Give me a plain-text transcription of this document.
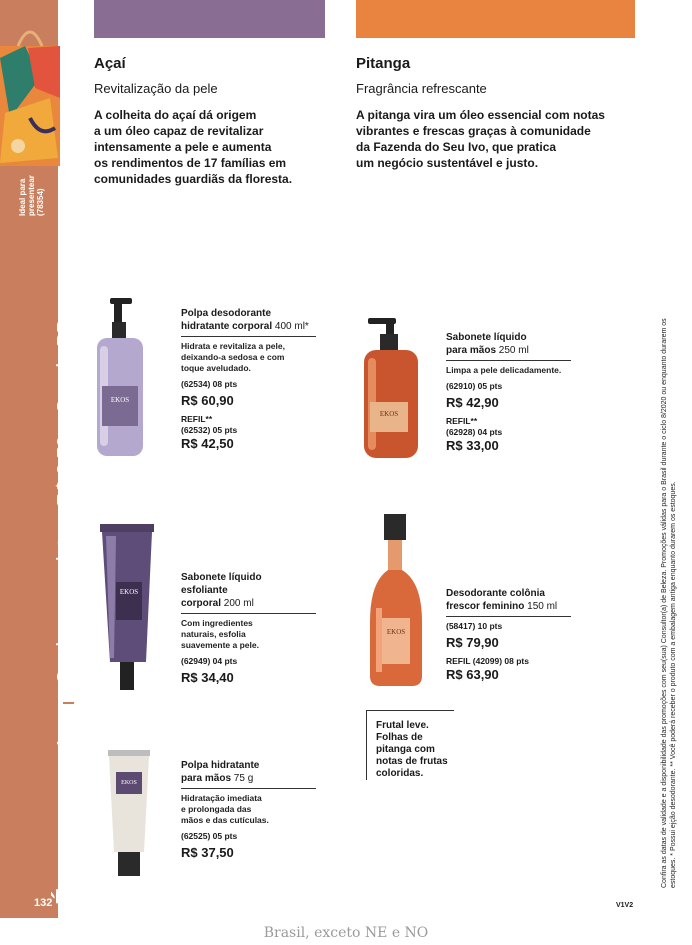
Ideal para presentear (78354)
É pra presente
Qualquer produto + R$ 2,50 = Sacola PP
132
Açaí
Revitalização da pele
A colheita do açaí dá origem
a um óleo capaz de revitalizar
intensamente a pele e aumenta
os rendimentos de 17 famílias em
comunidades guardiãs da floresta.
Pitanga
Fragrância refrescante
A pitanga vira um óleo essencial com notas
vibrantes e frescas graças à comunidade
da Fazenda do Seu Ivo, que pratica
um negócio sustentável e justo.
EKOS
Polpa desodorante
hidratante corporal 400 ml*
Hidrata e revitaliza a pele,
deixando-a sedosa e com
toque aveludado.
(62534) 08 pts
R$ 60,90
REFIL**
(62532) 05 pts
R$ 42,50
EKOS
Sabonete líquido
esfoliante
corporal 200 ml
Com ingredientes
naturais, esfolia
suavemente a pele.
(62949) 04 pts
R$ 34,40
EKOS
Polpa hidratante
para mãos 75 g
Hidratação imediata
e prolongada das
mãos e das cutículas.
(62525) 05 pts
R$ 37,50
EKOS
Sabonete líquido
para mãos 250 ml
Limpa a pele delicadamente.
(62910) 05 pts
R$ 42,90
REFIL**
(62928) 04 pts
R$ 33,00
EKOS
Desodorante colônia
frescor feminino 150 ml
(58417) 10 pts
R$ 79,90
REFIL (42099) 08 pts
R$ 63,90
Frutal leve.
Folhas de
pitanga com
notas de frutas
coloridas.	Confira as datas de validade e a disponibilidade das promoções com seu(sua) Consultor(a) de Beleza. Promoções válidas para o Brasil durante o ciclo 8/2020 ou enquanto durarem os estoques. * Possui ejção desodorante. ** Você poderá receber o produto com a embalagem antiga enquanto durarem os estoques.
V1V2
Brasil, exceto NE e NO
